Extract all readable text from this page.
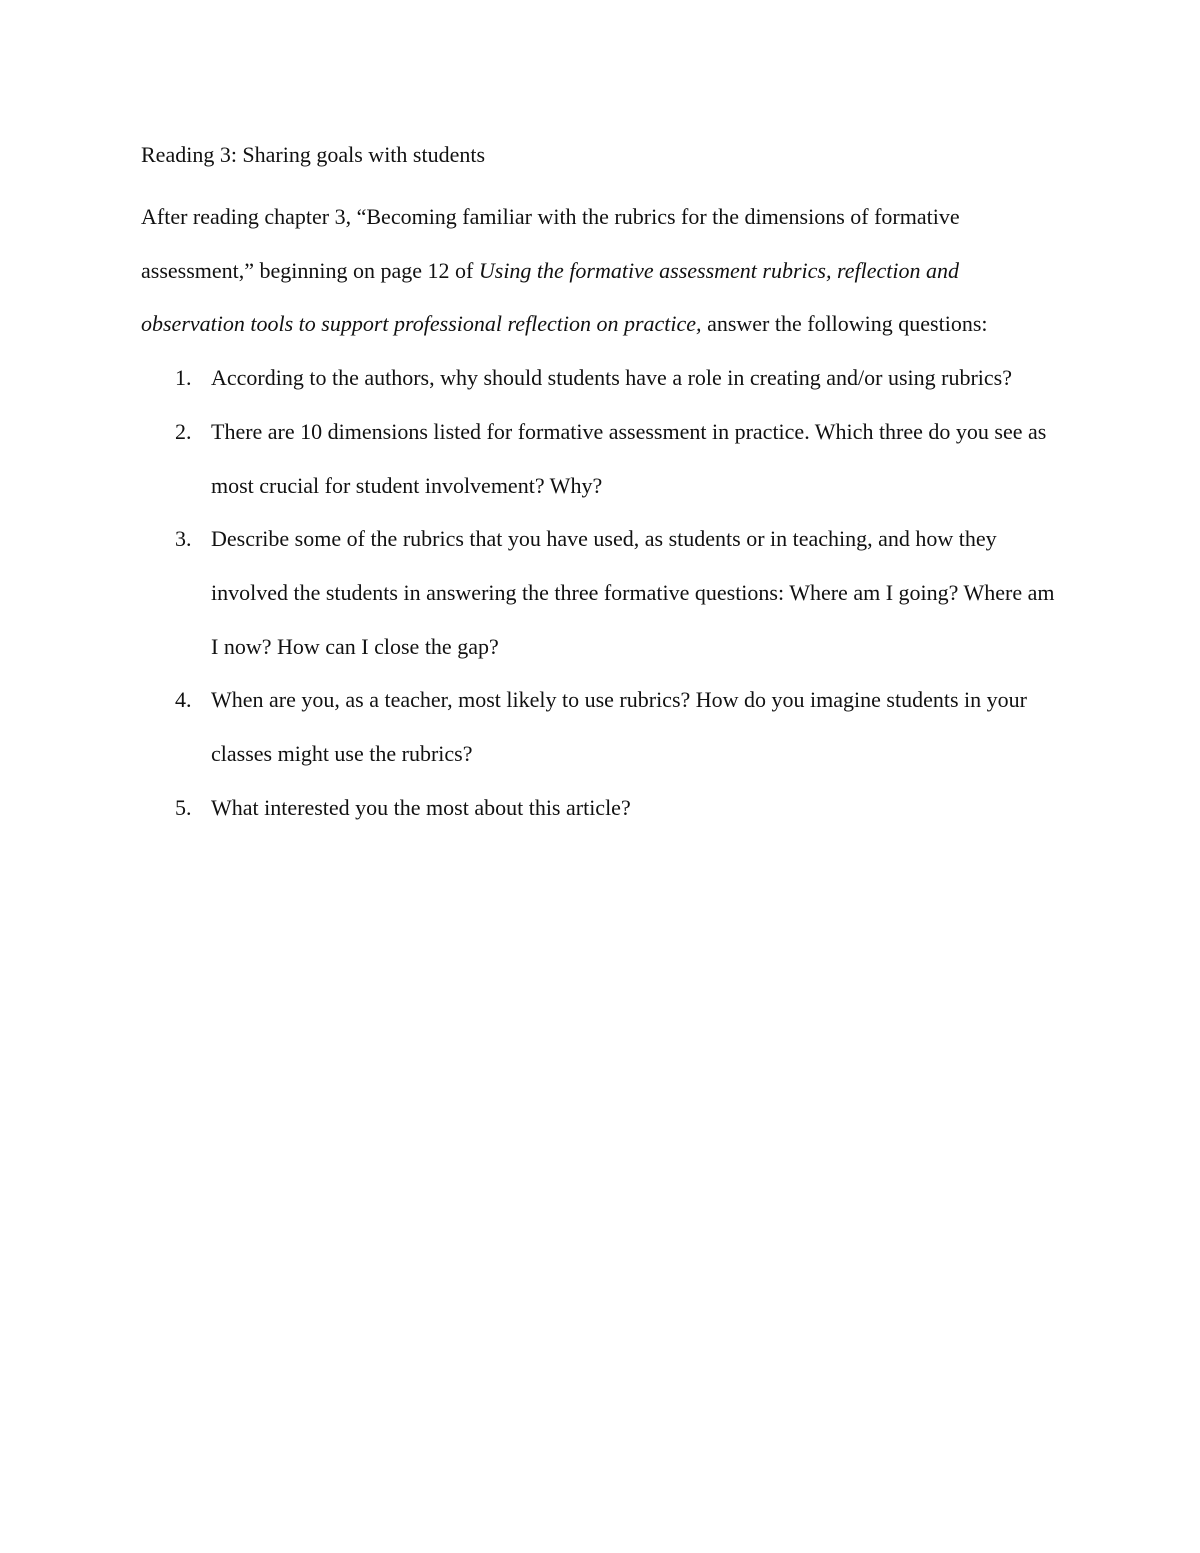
Reading 3: Sharing goals with students

After reading chapter 3, “Becoming familiar with the rubrics for the dimensions of formative assessment,” beginning on page 12 of Using the formative assessment rubrics, reflection and observation tools to support professional reflection on practice, answer the following questions:

1. According to the authors, why should students have a role in creating and/or using rubrics?
2. There are 10 dimensions listed for formative assessment in practice. Which three do you see as most crucial for student involvement? Why?
3. Describe some of the rubrics that you have used, as students or in teaching, and how they involved the students in answering the three formative questions: Where am I going? Where am I now? How can I close the gap?
4. When are you, as a teacher, most likely to use rubrics? How do you imagine students in your classes might use the rubrics?
5. What interested you the most about this article?
